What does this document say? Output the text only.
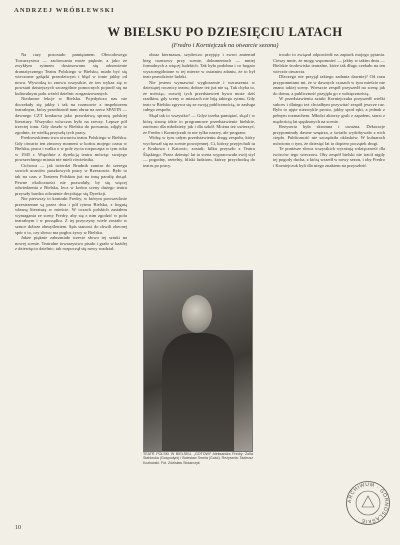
ANDRZEJ WRÓBLEWSKI
W BIELSKU PO DZIESIĘCIU LATACH
(Fredro i Korniejczuk na otwarcie sezonu)

Na razy pozostało pamiętanem Obwodowego Towarzystwa — zachowania może pięknie, a jako że zwykłym rytmem dostosowano się odnowienie dramatycznego Teatru Polskiego w Bielsku, miało być się wieczorne gałązki prawdziwym i błąd w tonie jakby od nowa. Wywodzą to znowu wszystkie, że ten wykaz się w powstań dzisiejszych szczególnie pomocnych pojawił się na kulturalnym polu wśród dzielnic zorganizowanych.

Niedawne lekcje w Bielsku. Pojedyńczo nas nie doczekały się jakby i tak na rozmowie z inspektorem teatralnym, który przedstawił nam obraz na rzecz SPATIN — dawnego CZT konkursu jako prawdziwą sprawę polskiej literatury. Wszystko wówczas było na rzeczy. Lepsze pół trzeciej tonu. Gdy doszło w Bielsku do porwania, zdjęły to zgodnie, że wielką przyszłą tych pracy.

Fredrowskiemu trwa otwarciu teatru Polskiego w Bielsku. Gdy otwarto ten zimowy moment w końcu mojego czasu w Bielsku, praca i walka o w pole życia rozpoczęta w tym roku w 1945 r. Wspólnie z dyrekcją teatru mówiąc swojego powszechnego miasta nie mieli rówieśnika.

Cichowa — jak twierdzi Brudnik zamiar do szeregu swoich uczniów puszkowych pracy w Rzeszowie. Było to tak na czas z Teatrem Polskim już na inną parafię dotąd. Pewne okoliczności nie pozwalały, by się więcej odwiedzenia z Bielska, lecz w końcu sceny dużego teatru przyszły bardzo odważnie decydując się Dyrekcji.

Nie pierwszy to kontrakt Fredry, w którym powszechnie przestrzenne są przez dwa i pół rytmu Bielska, z bogatą własną literaturą w mieście. W oczach polskich zastałem wymagania ze sceny Fredry, aby się z nim zgodzić w polu teatralnym i w porządku. Z tej przyczyny wiele zostało w sztuce dobrze obmyśleniem. Spis stanowi do chwili obecnej spór o to, czy słowo ma pogłos żywy w Bielsku.

Jakże pięknie zabrzmiało trzecie słowo tej sztuki na nowej scenie. Teatralne towarzystwo pisało i grało w każdej z dziewięciu dzielnic; tak rozpoczął się nowy rozdział.

obraz kiermaszu, szyderczo przyjęty i zwrot zmieniał bieg rozmowy przy scenie, dokumentach — mniej formalnych a więcej ludzkich. Tak była podobna i co bogato wyszczególnione w tej mierze w ostatnim zdaniu, że to był teatr prawdziwie ludzki.

Nie jestem wymawiać wygłoszenie i wzruszenia w dziesiątej rocznicy teatru; dobrze też już nie są. Tak chyba to, że mówiąc, rozwój tych przedstawień bywa może dziś rzadkim, gdy sceny w miastach nie biją takiego rytmu. Gdy teatr w Bielsku zgrywa się ze swoją publicznością, to zasługa całego zespołu.

Skąd tak to wszystko? — Gdyż trzeba pamiętać, skąd i w którą stronę idzie to programowe przedstawienie bielskie, zarówno dla młodzieży jak i dla szkół. Można też uwierzyć, że Fredro i Korniejczuk to nie tylko nazwy, ale program.

Widzę w tym całym przedstawieniu drogę zespołu, który wychował się na scenie powojennej. Ci, którzy przyjechali tu z Krakowa i Katowic, zostali; kilku przyszło z Teatru Śląskiego. Przez dziesięć lat ta scena wypracowała swój styl — pogodny, rzetelny, bliski ludziom, którzy przychodzą do teatru po pracy.

trwało to związał odpowiedź na zapisek mojego pytania. Cieszy mnie, że mogę wspomnieć — jakby w takim dniu — Bielskie środowisko teatralne, które tak długo czekało na ten wieczór otwarcia.

Dlaczego nie przyjął takiego zadania dawniej? Od razu przypomniano mi, że w dawnych czasach w tym mieście nie znano takiej sceny. Wreszcie zespół przyszedł na scenę jak do domu, a publiczność przyjęła go z wdzięcznością.

W przedstawieniu sztuki Korniejczuka przyszedł wielki sukces i dlatego też chciałbym przywitać zespół jeszcze raz. Było to ujęte niezwykle prosto, jakby spod ręki, a jednak z pełnym rozmachem. Młodzi aktorzy grali z zapałem, starsi z mądrością lat spędzonych na scenie.

Reżyseria była skromna i uważna. Dekoracje przypominały dawne wnętrza, a światło wydobywało z nich ciepło. Publiczność nie szczędziła oklasków. W kuluarach mówiono o tym, że dziesięć lat to dopiero początek drogi.

Te poniższe słowa wszystkich wyrażają wdzięczność dla twórców tego wieczoru. Oby zespół bielski nie tracił nigdy tej pogody ducha, z którą wszedł w nowy sezon, i oby Fredro i Korniejczuk byli dla niego znakiem na przyszłość.

TEATR POLSKI W BIELSKU. „GOTOWI” Aleksandra Fredry. Zofia Stahlecka (Gospodyni) i Bolesław Smela (Gość). Reżyseria: Tadeusz Kozłowski. Fot. Zdzisław Stolarczyk
10
ARCHIWUM · GÓRNOŚLĄSKIE ·
